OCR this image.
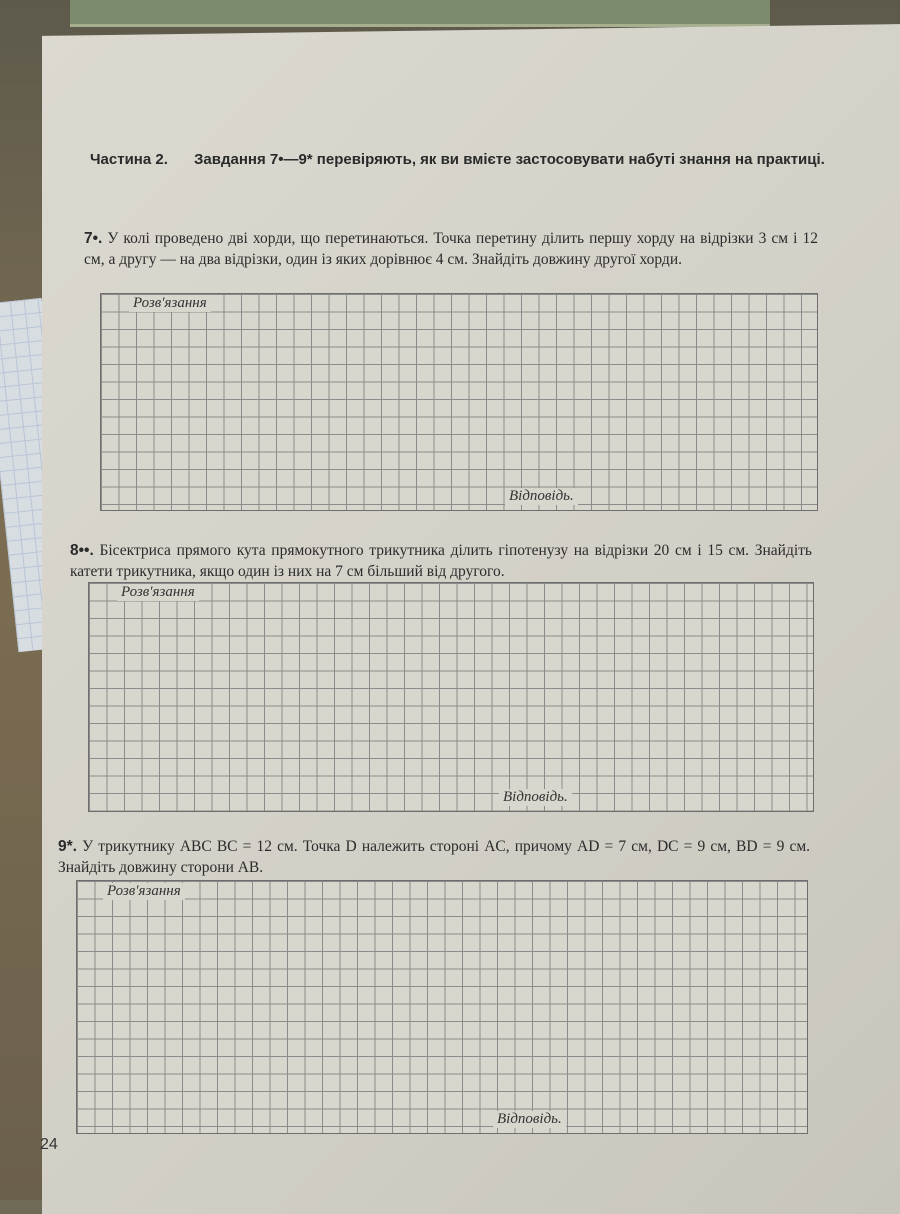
Частина 2. Завдання 7•—9* перевіряють, як ви вмієте застосовувати набуті знання на практиці.
7•. У колі проведено дві хорди, що перетинаються. Точка перетину ділить першу хорду на відрізки 3 см і 12 см, а другу — на два відрізки, один із яких дорівнює 4 см. Знайдіть довжину другої хорди.
Розв'язання
Відповідь.
8••. Бісектриса прямого кута прямокутного трикутника ділить гіпотенузу на відрізки 20 см і 15 см. Знайдіть катети трикутника, якщо один із них на 7 см більший від другого.
Розв'язання
Відповідь.
9*. У трикутнику ABC BC = 12 см. Точка D належить стороні AC, причому AD = 7 см, DC = 9 см, BD = 9 см. Знайдіть довжину сторони AB.
Розв'язання
Відповідь.
24
